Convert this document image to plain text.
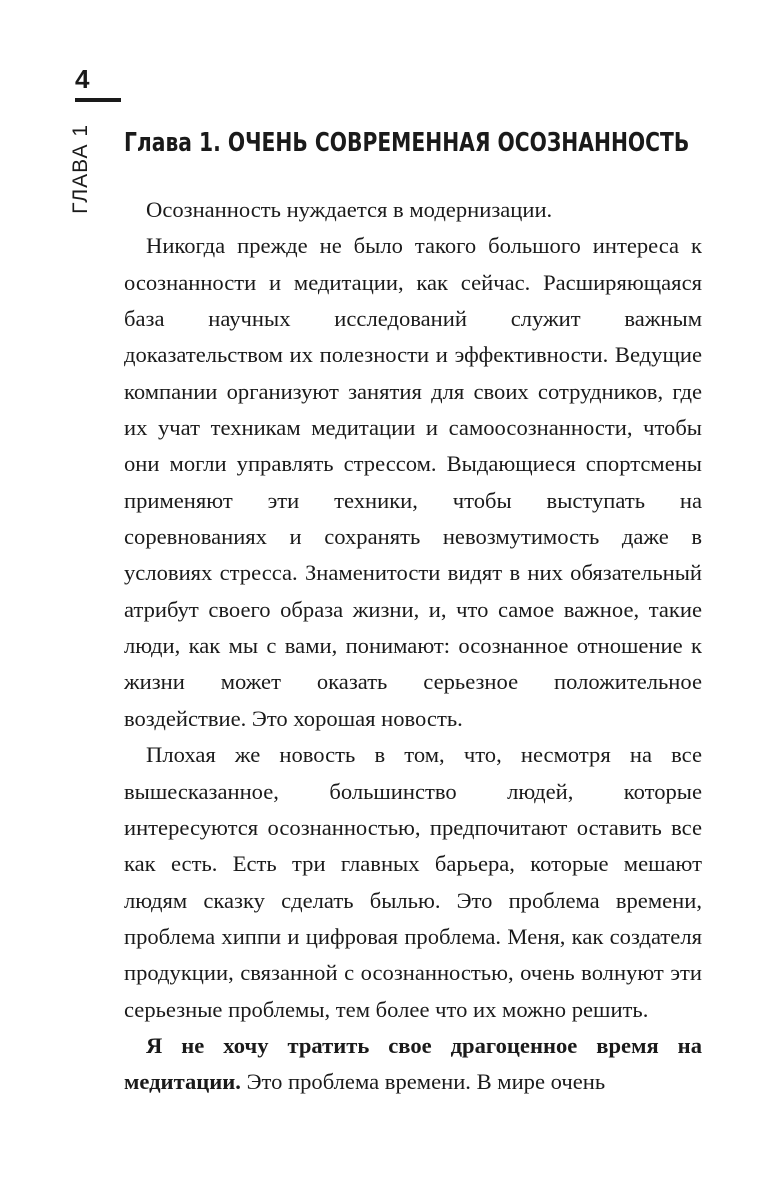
4
ГЛАВА 1 Глава 1. ОЧЕНЬ СОВРЕМЕННАЯ ОСОЗНАННОСТЬ

Осознанность нуждается в модернизации.

Никогда прежде не было такого большого интереса к осознанности и медитации, как сейчас. Расширяющаяся база научных исследований служит важным доказательством их полезности и эффективности. Ведущие компании организуют занятия для своих сотрудников, где их учат техникам медитации и самоосознанности, чтобы они могли управлять стрессом. Выдающиеся спортсмены применяют эти техники, чтобы выступать на соревнованиях и сохранять невозмутимость даже в условиях стресса. Знаменитости видят в них обязательный атрибут своего образа жизни, и, что самое важное, такие люди, как мы с вами, понимают: осознанное отношение к жизни может оказать серьезное положительное воздействие. Это хорошая новость.

Плохая же новость в том, что, несмотря на все вышесказанное, большинство людей, которые интересуются осознанностью, предпочитают оставить все как есть. Есть три главных барьера, которые мешают людям сказку сделать былью. Это проблема времени, проблема хиппи и цифровая проблема. Меня, как создателя продукции, связанной с осознанностью, очень волнуют эти серьезные проблемы, тем более что их можно решить.

Я не хочу тратить свое драгоценное время на медитации. Это проблема времени. В мире очень
